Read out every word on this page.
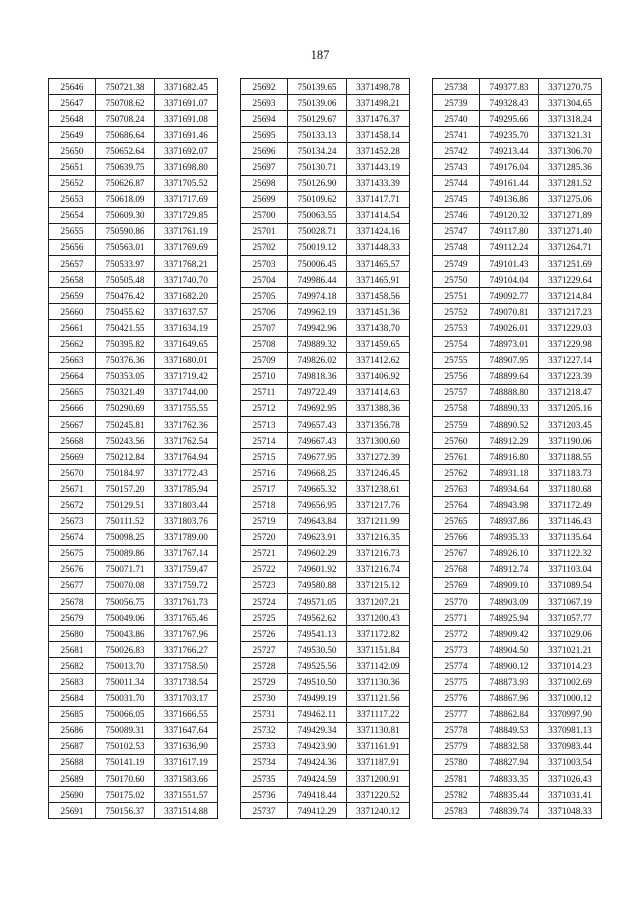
187
25646	750721.38	3371682.45
25647	750708.62	3371691.07
25648	750708.24	3371691.08
25649	750686.64	3371691.46
25650	750652.64	3371692.07
25651	750639.75	3371698.80
25652	750626.87	3371705.52
25653	750618.09	3371717.69
25654	750609.30	3371729.85
25655	750590.86	3371761.19
25656	750563.01	3371769.69
25657	750533.97	3371768.21
25658	750505.48	3371740.70
25659	750476.42	3371682.20
25660	750455.62	3371637.57
25661	750421.55	3371634.19
25662	750395.82	3371649.65
25663	750376.36	3371680.01
25664	750353.05	3371719.42
25665	750321.49	3371744.00
25666	750290.69	3371755.55
25667	750245.81	3371762.36
25668	750243.56	3371762.54
25669	750212.84	3371764.94
25670	750184.97	3371772.43
25671	750157.20	3371785.94
25672	750129.51	3371803.44
25673	750111.52	3371803.76
25674	750098.25	3371789.00
25675	750089.86	3371767.14
25676	750071.71	3371759.47
25677	750070.08	3371759.72
25678	750056.75	3371761.73
25679	750049.06	3371765.46
25680	750043.86	3371767.96
25681	750026.83	3371766.27
25682	750013.70	3371758.50
25683	750011.34	3371738.54
25684	750031.70	3371703.17
25685	750066.05	3371666.55
25686	750089.31	3371647.64
25687	750102.53	3371636.90
25688	750141.19	3371617.19
25689	750170.60	3371583.66
25690	750175.02	3371551.57
25691	750156.37	3371514.88
25692	750139.65	3371498.78
25693	750139.06	3371498.21
25694	750129.67	3371476.37
25695	750133.13	3371458.14
25696	750134.24	3371452.28
25697	750130.71	3371443.19
25698	750126.90	3371433.39
25699	750109.62	3371417.71
25700	750063.55	3371414.54
25701	750028.71	3371424.16
25702	750019.12	3371448.33
25703	750006.45	3371465.57
25704	749986.44	3371465.91
25705	749974.18	3371458.56
25706	749962.19	3371451.36
25707	749942.96	3371438.70
25708	749889.32	3371459.65
25709	749826.02	3371412.62
25710	749818.36	3371406.92
25711	749722.49	3371414.63
25712	749692.95	3371388.36
25713	749657.43	3371356.78
25714	749667.43	3371300.60
25715	749677.95	3371272.39
25716	749668.25	3371246.45
25717	749665.32	3371238.61
25718	749656.95	3371217.76
25719	749643.84	3371211.99
25720	749623.91	3371216.35
25721	749602.29	3371216.73
25722	749601.92	3371216.74
25723	749580.88	3371215.12
25724	749571.05	3371207.21
25725	749562.62	3371200.43
25726	749541.13	3371172.82
25727	749530.50	3371151.84
25728	749525.56	3371142.09
25729	749510.50	3371130.36
25730	749499.19	3371121.56
25731	749462.11	3371117.22
25732	749429.34	3371130.81
25733	749423.90	3371161.91
25734	749424.36	3371187.91
25735	749424.59	3371200.91
25736	749418.44	3371220.52
25737	749412.29	3371240.12
25738	749377.83	3371270.75
25739	749328.43	3371304.65
25740	749295.66	3371318.24
25741	749235.70	3371321.31
25742	749213.44	3371306.70
25743	749176.04	3371285.36
25744	749161.44	3371281.52
25745	749136.86	3371275.06
25746	749120.32	3371271.89
25747	749117.80	3371271.40
25748	749112.24	3371264.71
25749	749101.43	3371251.69
25750	749104.04	3371229.64
25751	749092.77	3371214.84
25752	749070.81	3371217.23
25753	749026.01	3371229.03
25754	748973.01	3371229.98
25755	748907.95	3371227.14
25756	748899.64	3371223.39
25757	748888.80	3371218.47
25758	748890.33	3371205.16
25759	748890.52	3371203.45
25760	748912.29	3371190.06
25761	748916.80	3371188.55
25762	748931.18	3371183.73
25763	748934.64	3371180.68
25764	748943.98	3371172.49
25765	748937.86	3371146.43
25766	748935.33	3371135.64
25767	748926.10	3371122.32
25768	748912.74	3371103.04
25769	748909.10	3371089.54
25770	748903.09	3371067.19
25771	748925.94	3371057.77
25772	748909.42	3371029.06
25773	748904.50	3371021.21
25774	748900.12	3371014.23
25775	748873.93	3371002.69
25776	748867.96	3371000.12
25777	748862.84	3370997.90
25778	748849.53	3370981.13
25779	748832.58	3370983.44
25780	748827.94	3371003.54
25781	748833.35	3371026.43
25782	748835.44	3371031.41
25783	748839.74	3371048.33
